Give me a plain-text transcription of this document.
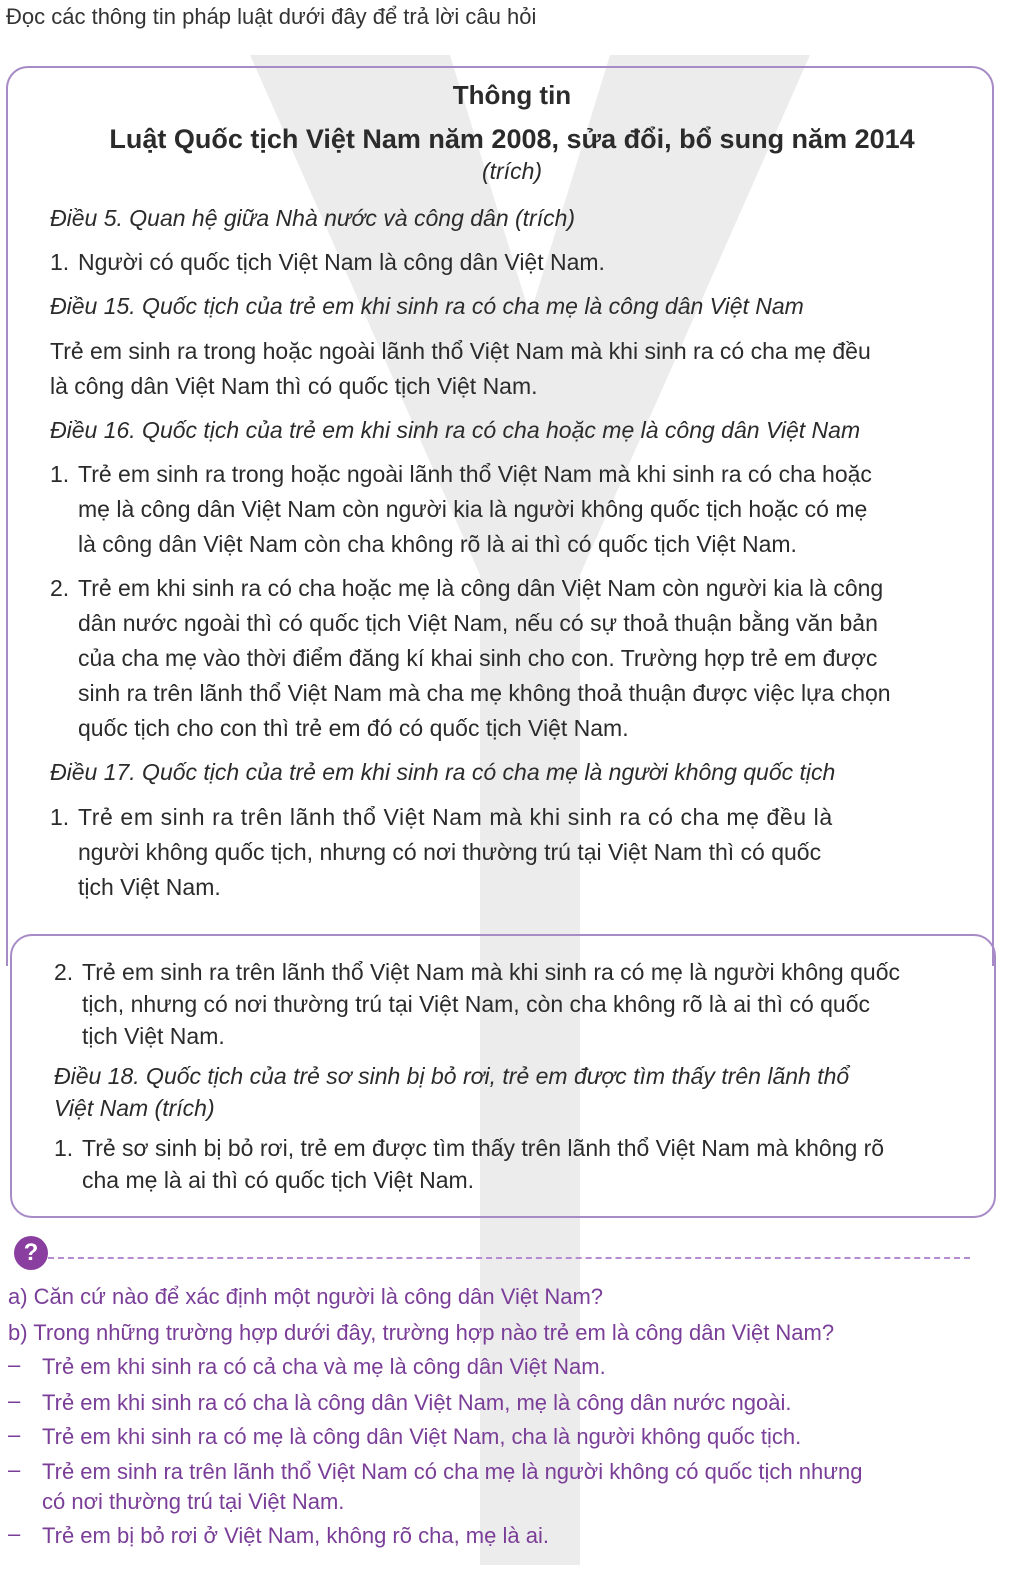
Đọc các thông tin pháp luật dưới đây để trả lời câu hỏi
Thông tin
Luật Quốc tịch Việt Nam năm 2008, sửa đổi, bổ sung năm 2014
(trích)
Điều 5. Quan hệ giữa Nhà nước và công dân (trích)
1. Người có quốc tịch Việt Nam là công dân Việt Nam.
Điều 15. Quốc tịch của trẻ em khi sinh ra có cha mẹ là công dân Việt Nam
Trẻ em sinh ra trong hoặc ngoài lãnh thổ Việt Nam mà khi sinh ra có cha mẹ đều
là công dân Việt Nam thì có quốc tịch Việt Nam.
Điều 16. Quốc tịch của trẻ em khi sinh ra có cha hoặc mẹ là công dân Việt Nam
1. Trẻ em sinh ra trong hoặc ngoài lãnh thổ Việt Nam mà khi sinh ra có cha hoặc
mẹ là công dân Việt Nam còn người kia là người không quốc tịch hoặc có mẹ
là công dân Việt Nam còn cha không rõ là ai thì có quốc tịch Việt Nam.
2. Trẻ em khi sinh ra có cha hoặc mẹ là công dân Việt Nam còn người kia là công
dân nước ngoài thì có quốc tịch Việt Nam, nếu có sự thoả thuận bằng văn bản
của cha mẹ vào thời điểm đăng kí khai sinh cho con. Trường hợp trẻ em được
sinh ra trên lãnh thổ Việt Nam mà cha mẹ không thoả thuận được việc lựa chọn
quốc tịch cho con thì trẻ em đó có quốc tịch Việt Nam.
Điều 17. Quốc tịch của trẻ em khi sinh ra có cha mẹ là người không quốc tịch
1. Trẻ em sinh ra trên lãnh thổ Việt Nam mà khi sinh ra có cha mẹ đều là
người không quốc tịch, nhưng có nơi thường trú tại Việt Nam thì có quốc
tịch Việt Nam.
2. Trẻ em sinh ra trên lãnh thổ Việt Nam mà khi sinh ra có mẹ là người không quốc
tịch, nhưng có nơi thường trú tại Việt Nam, còn cha không rõ là ai thì có quốc
tịch Việt Nam.
Điều 18. Quốc tịch của trẻ sơ sinh bị bỏ rơi, trẻ em được tìm thấy trên lãnh thổ
Việt Nam (trích)
1. Trẻ sơ sinh bị bỏ rơi, trẻ em được tìm thấy trên lãnh thổ Việt Nam mà không rõ
cha mẹ là ai thì có quốc tịch Việt Nam.
?
a) Căn cứ nào để xác định một người là công dân Việt Nam?
b) Trong những trường hợp dưới đây, trường hợp nào trẻ em là công dân Việt Nam?
– Trẻ em khi sinh ra có cả cha và mẹ là công dân Việt Nam.
– Trẻ em khi sinh ra có cha là công dân Việt Nam, mẹ là công dân nước ngoài.
– Trẻ em khi sinh ra có mẹ là công dân Việt Nam, cha là người không quốc tịch.
– Trẻ em sinh ra trên lãnh thổ Việt Nam có cha mẹ là người không có quốc tịch nhưng
có nơi thường trú tại Việt Nam.
– Trẻ em bị bỏ rơi ở Việt Nam, không rõ cha, mẹ là ai.
